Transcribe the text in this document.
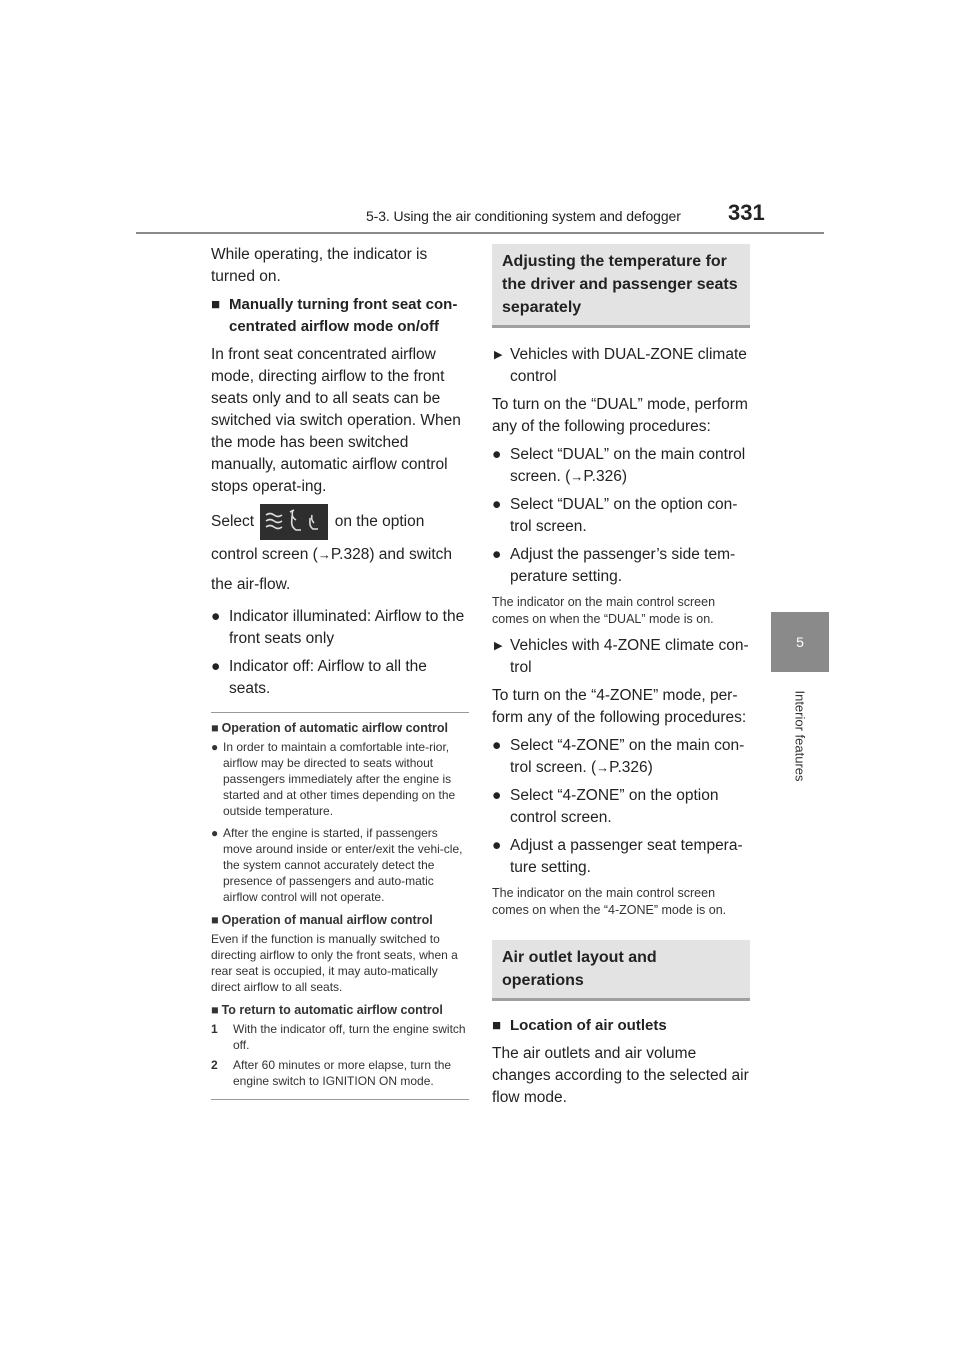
5-3. Using the air conditioning system and defogger 331
5
Interior features

While operating, the indicator is turned on.

■ Manually turning front seat con-centrated airflow mode on/off

In front seat concentrated airflow mode, directing airflow to the front seats only and to all seats can be switched via switch operation. When the mode has been switched manually, automatic airflow control stops operat-ing.

Select	on the option control screen (→P.328) and switch the air-flow.

● Indicator illuminated: Airflow to the front seats only
● Indicator off: Airflow to all the seats.
■ Operation of automatic airflow control
● In order to maintain a comfortable inte-rior, airflow may be directed to seats without passengers immediately after the engine is started and at other times depending on the outside temperature.
● After the engine is started, if passengers move around inside or enter/exit the vehi-cle, the system cannot accurately detect the presence of passengers and auto-matic airflow control will not operate.
■ Operation of manual airflow control
Even if the function is manually switched to directing airflow to only the front seats, when a rear seat is occupied, it may auto-matically direct airflow to all seats.
■ To return to automatic airflow control
1 With the indicator off, turn the engine switch off.
2 After 60 minutes or more elapse, turn the engine switch to IGNITION ON mode.
Adjusting the temperature for the driver and passenger seats separately
▶ Vehicles with DUAL-ZONE climate control

To turn on the “DUAL” mode, perform any of the following procedures:

● Select “DUAL” on the main control screen. (→P.326)
● Select “DUAL” on the option con-trol screen.
● Adjust the passenger’s side tem-perature setting.
The indicator on the main control screen comes on when the “DUAL” mode is on.
▶ Vehicles with 4-ZONE climate con-trol

To turn on the “4-ZONE” mode, per-form any of the following procedures:

● Select “4-ZONE” on the main con-trol screen. (→P.326)
● Select “4-ZONE” on the option control screen.
● Adjust a passenger seat tempera-ture setting.
The indicator on the main control screen comes on when the “4-ZONE” mode is on.
Air outlet layout and operations
■ Location of air outlets

The air outlets and air volume changes according to the selected air flow mode.
